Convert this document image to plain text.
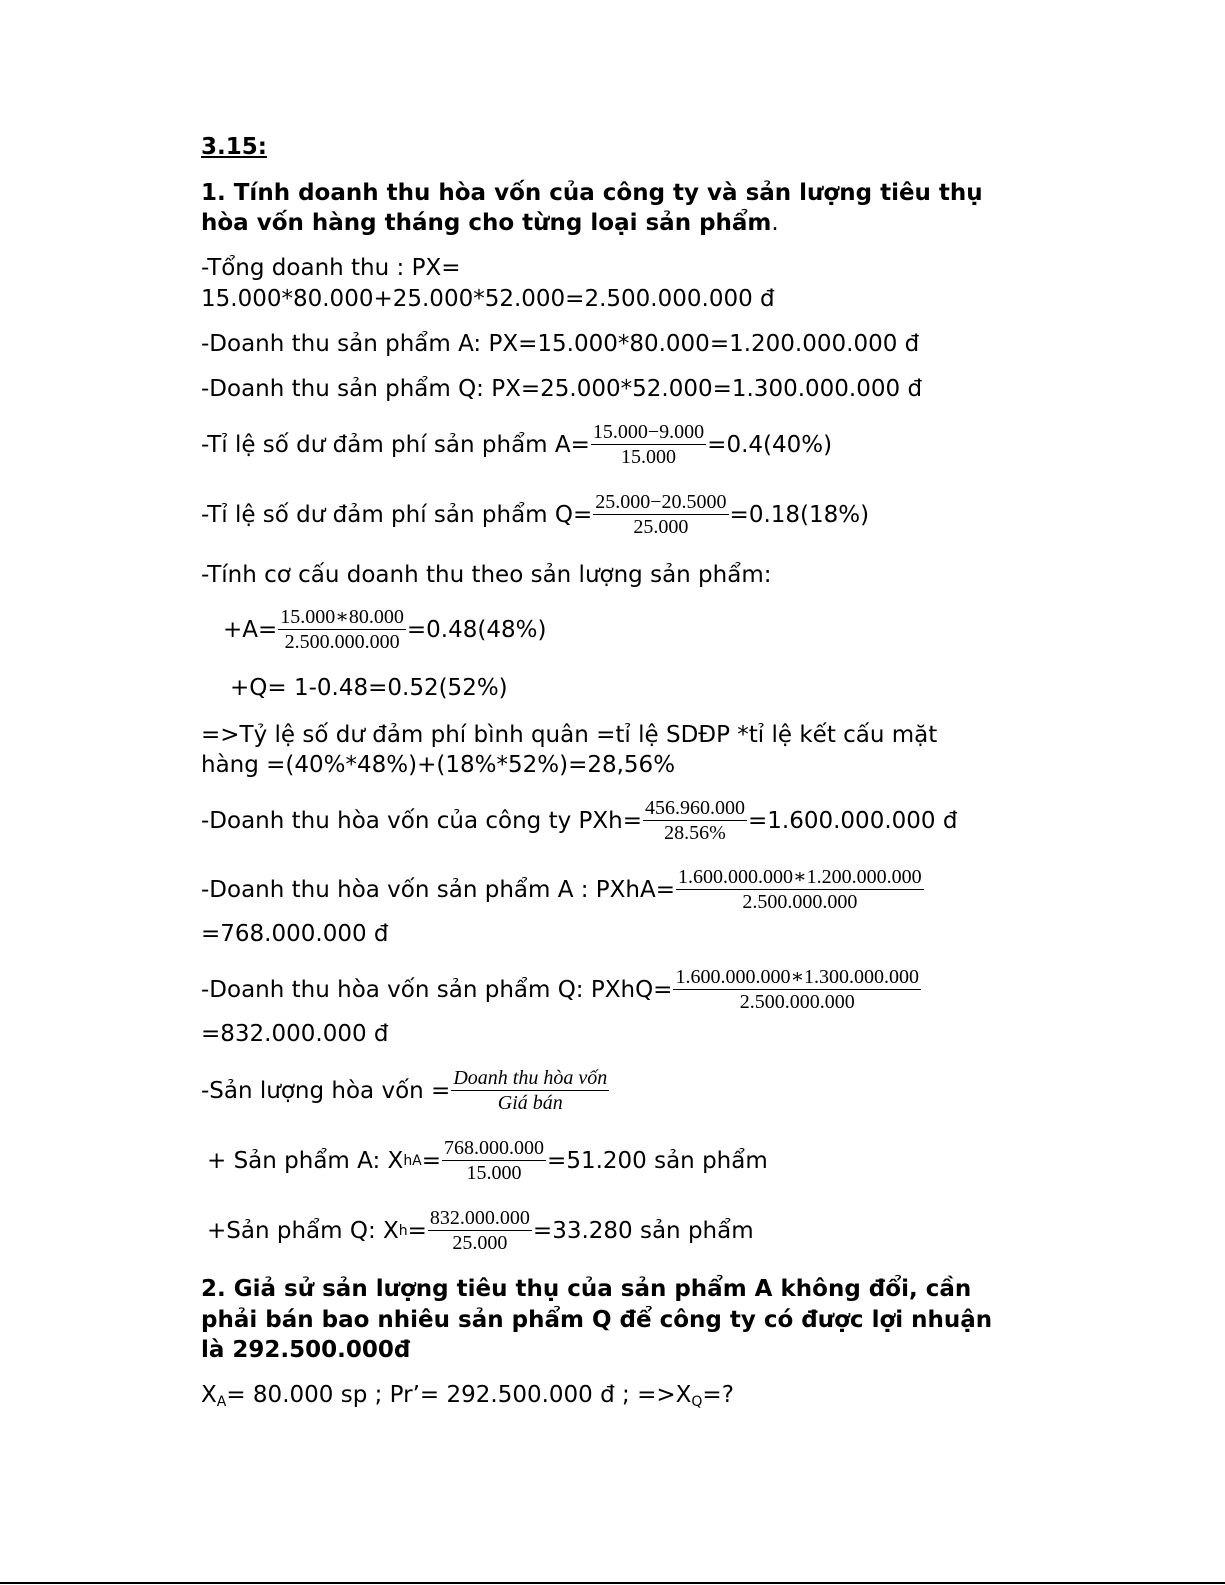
3.15:
1. Tính doanh thu hòa vốn của công ty và sản lượng tiêu thụ
hòa vốn hàng tháng cho từng loại sản phẩm.
-Tổng doanh thu : PX=
15.000*80.000+25.000*52.000=2.500.000.000 đ
-Doanh thu sản phẩm A: PX=15.000*80.000=1.200.000.000 đ
-Doanh thu sản phẩm Q: PX=25.000*52.000=1.300.000.000 đ
-Tỉ lệ số dư đảm phí sản phẩm $A= \frac{15.000-9.000}{15.000} =0.4(40\%)$
-Tỉ lệ số dư đảm phí sản phẩm $Q= \frac{25.000-20.5000}{25.000} =0.18(18\%)$
-Tính cơ cấu doanh thu theo sản lượng sản phẩm:
$+A= \frac{15.000∗80.000}{2.500.000.000} =0.48(48\%)$
+Q= 1-0.48=0.52(52%)
=>Tỷ lệ số dư đảm phí bình quân =tỉ lệ SDĐP *tỉ lệ kết cấu mặt
hàng =(40%*48%)+(18%*52%)=28,56%
-Doanh thu hòa vốn của công ty $PXh= \frac{456.960.000}{28.56\%} =1.600.000.000$ đ
-Doanh thu hòa vốn sản phẩm A : PXhA= $\frac{1.600.000.000∗1.200.000.000}{2.500.000.000}$
=768.000.000 đ
-Doanh thu hòa vốn sản phẩm Q: PXhQ= $\frac{1.600.000.000∗1.300.000.000}{2.500.000.000}$
=832.000.000 đ
-Sản lượng hòa vốn = $\frac{\text{Doanh thu hòa vốn}}{\text{Giá bán}}$
+ Sản phẩm A: X hA = $\frac{768.000.000}{15.000} =51.200$ sản phẩm
+Sản phẩm Q: X $h = \frac{832.000.000}{25.000} =33.280$ sản phẩm
2. Giả sử sản lượng tiêu thụ của sản phẩm A không đổi, cần
phải bán bao nhiêu sản phẩm Q để công ty có được lợi nhuận
là 292.500.000đ
$X_A= 80.000$ sp ; Pr’= 292.500.000 đ ; $=>X_Q=$?
